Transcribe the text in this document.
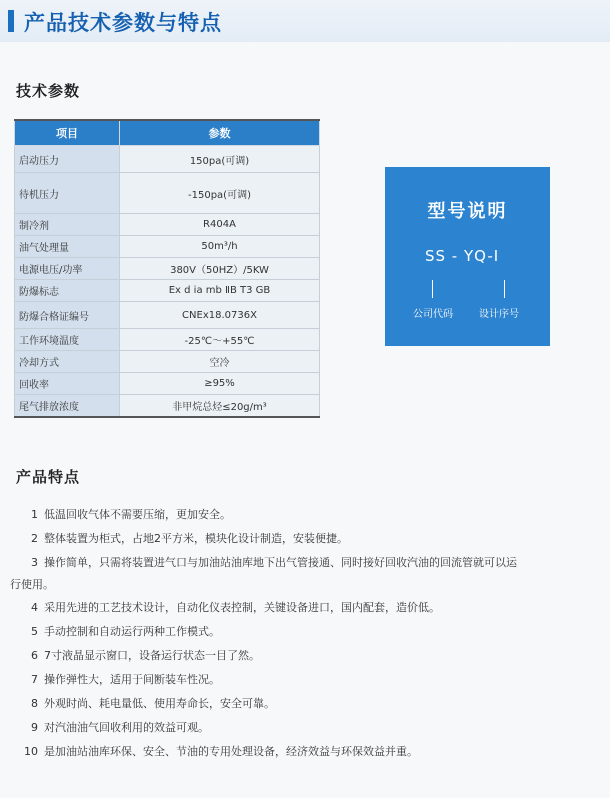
产品技术参数与特点
技术参数
项目	参数
启动压力	150pa(可调)
待机压力	-150pa(可调)
制冷剂	R404A
油气处理量	50m³/h
电源电压/功率	380V（50HZ）/5KW
防爆标志	Ex d ia mb ⅡB T3 GB
防爆合格证编号	CNEx18.0736X
工作环境温度	-25℃～+55℃
冷却方式	空冷
回收率	≥95%
尾气排放浓度	非甲烷总烃≤20g/m³
型号说明
SS - YQ-I
公司代码	设计序号
产品特点
1 低温回收气体不需要压缩，更加安全。
2 整体装置为柜式，占地2平方米，模块化设计制造，安装便捷。
3 操作简单，只需将装置进气口与加油站油库地下出气管接通、同时接好回收汽油的回流管就可以运
行使用。
4 采用先进的工艺技术设计，自动化仪表控制，关键设备进口，国内配套，造价低。
5 手动控制和自动运行两种工作模式。
6 7寸液晶显示窗口，设备运行状态一目了然。
7 操作弹性大，适用于间断装车性况。
8 外观时尚、耗电量低、使用寿命长，安全可靠。
9 对汽油油气回收利用的效益可观。
10 是加油站油库环保、安全、节油的专用处理设备，经济效益与环保效益并重。
